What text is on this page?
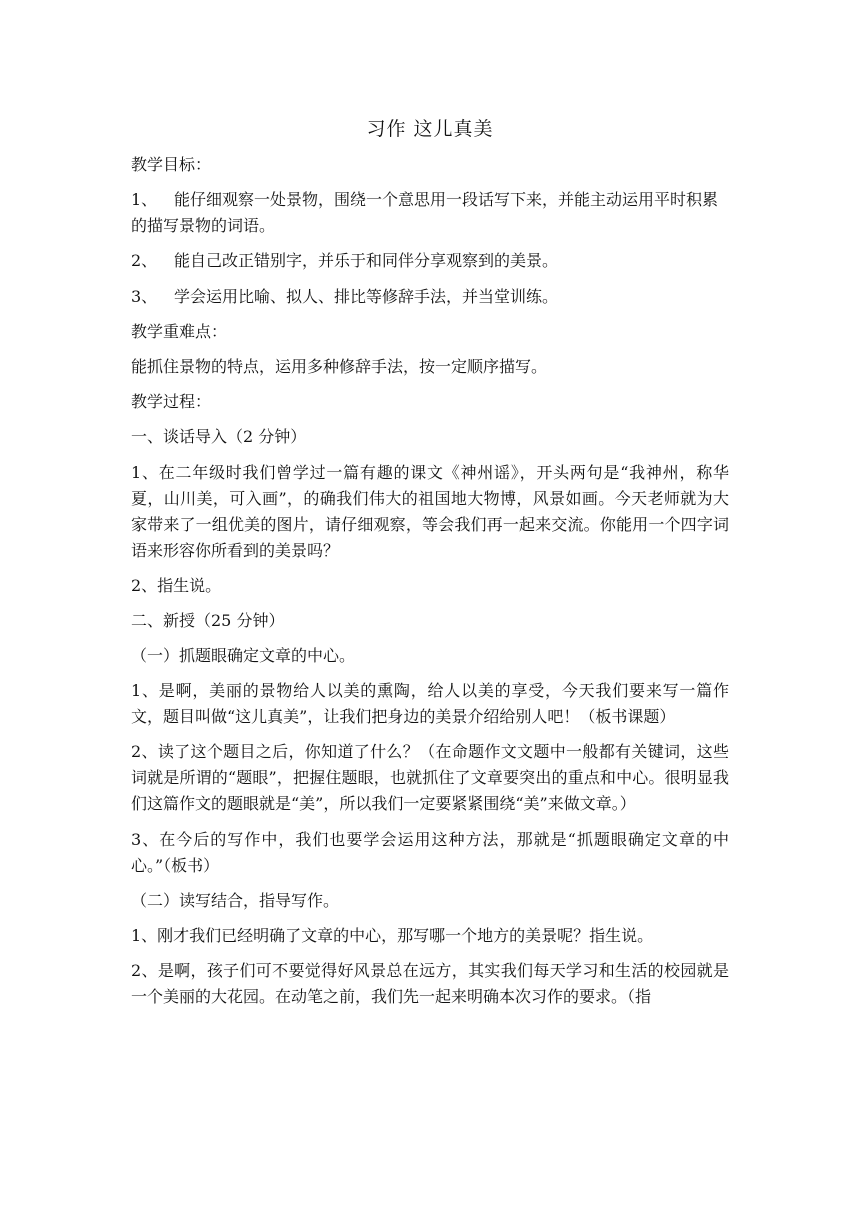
习作 这儿真美

教学目标：

1、 能仔细观察一处景物，围绕一个意思用一段话写下来，并能主动运用平时积累的描写景物的词语。
2、 能自己改正错别字，并乐于和同伴分享观察到的美景。
3、 学会运用比喻、拟人、排比等修辞手法，并当堂训练。

教学重难点：

能抓住景物的特点，运用多种修辞手法，按一定顺序描写。

教学过程：

一、谈话导入（2 分钟）

1、在二年级时我们曾学过一篇有趣的课文《神州谣》，开头两句是“我神州，称华夏，山川美，可入画”，的确我们伟大的祖国地大物博，风景如画。今天老师就为大家带来了一组优美的图片，请仔细观察，等会我们再一起来交流。你能用一个四字词语来形容你所看到的美景吗？

2、指生说。

二、新授（25 分钟）

（一）抓题眼确定文章的中心。

1、是啊，美丽的景物给人以美的熏陶，给人以美的享受，今天我们要来写一篇作文，题目叫做“这儿真美”，让我们把身边的美景介绍给别人吧！（板书课题）

2、读了这个题目之后，你知道了什么？（在命题作文文题中一般都有关键词，这些词就是所谓的“题眼”，把握住题眼，也就抓住了文章要突出的重点和中心。很明显我们这篇作文的题眼就是“美”，所以我们一定要紧紧围绕“美”来做文章。）

3、在今后的写作中，我们也要学会运用这种方法，那就是“抓题眼确定文章的中心。”（板书）

（二）读写结合，指导写作。

1、刚才我们已经明确了文章的中心，那写哪一个地方的美景呢？指生说。

2、是啊，孩子们可不要觉得好风景总在远方，其实我们每天学习和生活的校园就是一个美丽的大花园。在动笔之前，我们先一起来明确本次习作的要求。（指
